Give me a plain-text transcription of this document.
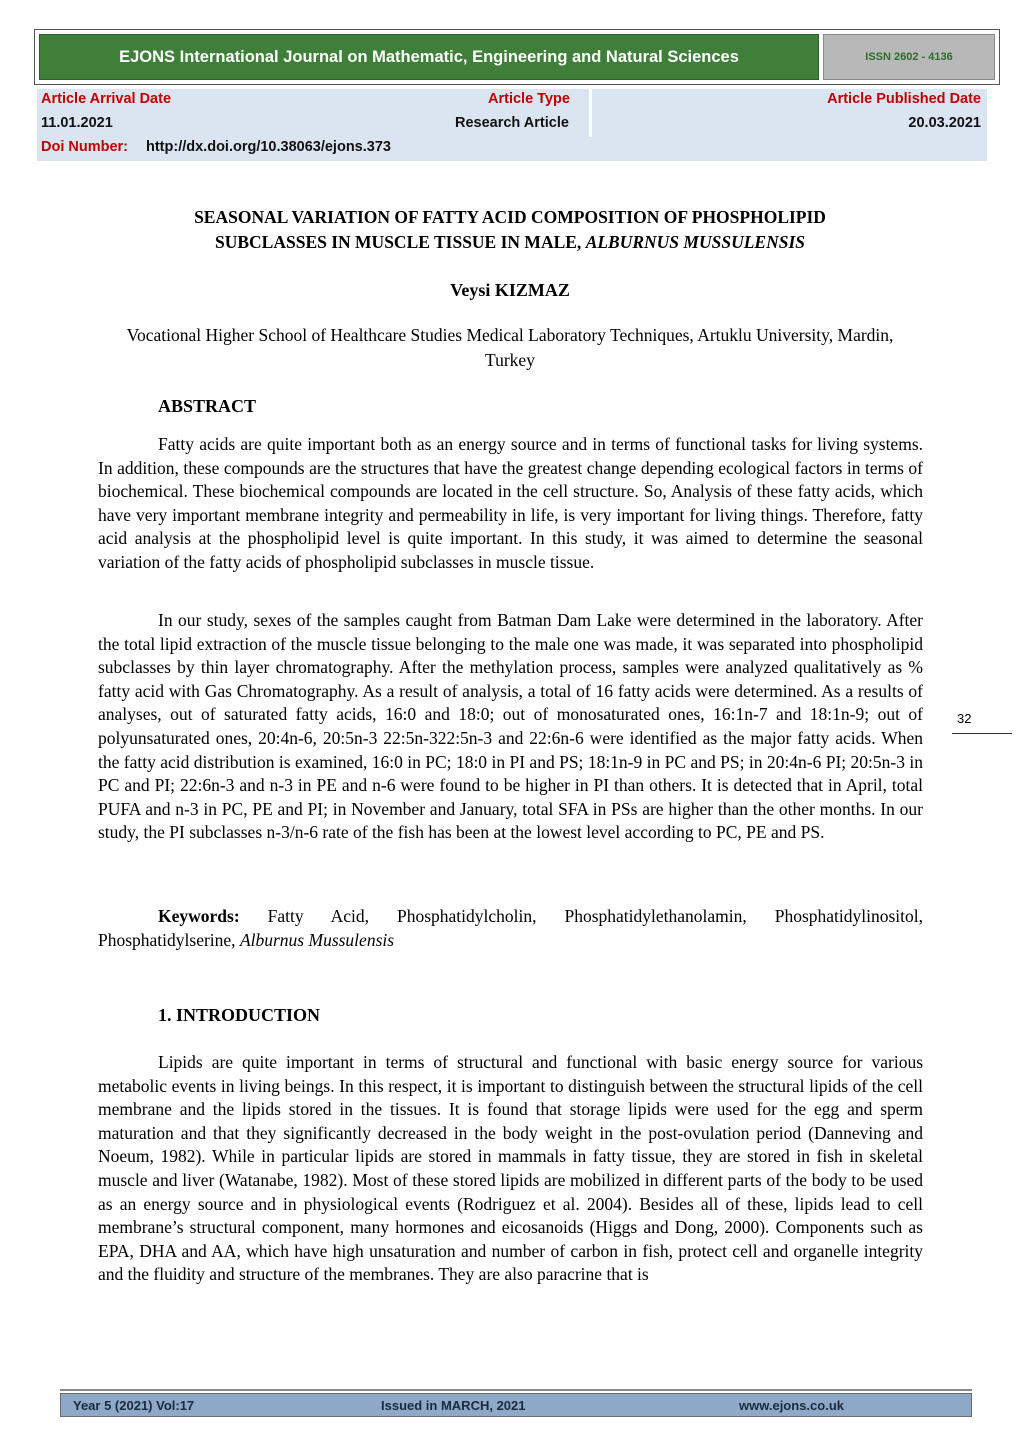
EJONS International Journal on Mathematic, Engineering and Natural Sciences	ISSN 2602 - 4136
Article Arrival Date	Article Type	Article Published Date
11.01.2021	Research Article	20.03.2021
Doi Number: http://dx.doi.org/10.38063/ejons.373
SEASONAL VARIATION OF FATTY ACID COMPOSITION OF PHOSPHOLIPID
SUBCLASSES IN MUSCLE TISSUE IN MALE, ALBURNUS MUSSULENSIS
Veysi KIZMAZ
Vocational Higher School of Healthcare Studies Medical Laboratory Techniques, Artuklu University, Mardin, Turkey
ABSTRACT

Fatty acids are quite important both as an energy source and in terms of functional tasks for living systems. In addition, these compounds are the structures that have the greatest change depending ecological factors in terms of biochemical. These biochemical compounds are located in the cell structure. So, Analysis of these fatty acids, which have very important membrane integrity and permeability in life, is very important for living things. Therefore, fatty acid analysis at the phospholipid level is quite important. In this study, it was aimed to determine the seasonal variation of the fatty acids of phospholipid subclasses in muscle tissue.

In our study, sexes of the samples caught from Batman Dam Lake were determined in the laboratory. After the total lipid extraction of the muscle tissue belonging to the male one was made, it was separated into phospholipid subclasses by thin layer chromatography. After the methylation process, samples were analyzed qualitatively as % fatty acid with Gas Chromatography. As a result of analysis, a total of 16 fatty acids were determined. As a results of analyses, out of saturated fatty acids, 16:0 and 18:0; out of monosaturated ones, 16:1n-7 and 18:1n-9; out of polyunsaturated ones, 20:4n-6, 20:5n-3 22:5n-322:5n-3 and 22:6n-6 were identified as the major fatty acids. When the fatty acid distribution is examined, 16:0 in PC; 18:0 in PI and PS; 18:1n-9 in PC and PS; in 20:4n-6 PI; 20:5n-3 in PC and PI; 22:6n-3 and n-3 in PE and n-6 were found to be higher in PI than others. It is detected that in April, total PUFA and n-3 in PC, PE and PI; in November and January, total SFA in PSs are higher than the other months. In our study, the PI subclasses n-3/n-6 rate of the fish has been at the lowest level according to PC, PE and PS.

Keywords: Fatty Acid, Phosphatidylcholin, Phosphatidylethanolamin, Phosphatidylinositol, Phosphatidylserine, Alburnus Mussulensis

1. INTRODUCTION

Lipids are quite important in terms of structural and functional with basic energy source for various metabolic events in living beings. In this respect, it is important to distinguish between the structural lipids of the cell membrane and the lipids stored in the tissues. It is found that storage lipids were used for the egg and sperm maturation and that they significantly decreased in the body weight in the post-ovulation period (Danneving and Noeum, 1982). While in particular lipids are stored in mammals in fatty tissue, they are stored in fish in skeletal muscle and liver (Watanabe, 1982). Most of these stored lipids are mobilized in different parts of the body to be used as an energy source and in physiological events (Rodriguez et al. 2004). Besides all of these, lipids lead to cell membrane’s structural component, many hormones and eicosanoids (Higgs and Dong, 2000). Components such as EPA, DHA and AA, which have high unsaturation and number of carbon in fish, protect cell and organelle integrity and the fluidity and structure of the membranes. They are also paracrine that is

32
Year 5 (2021) Vol:17	Issued in MARCH, 2021	www.ejons.co.uk
